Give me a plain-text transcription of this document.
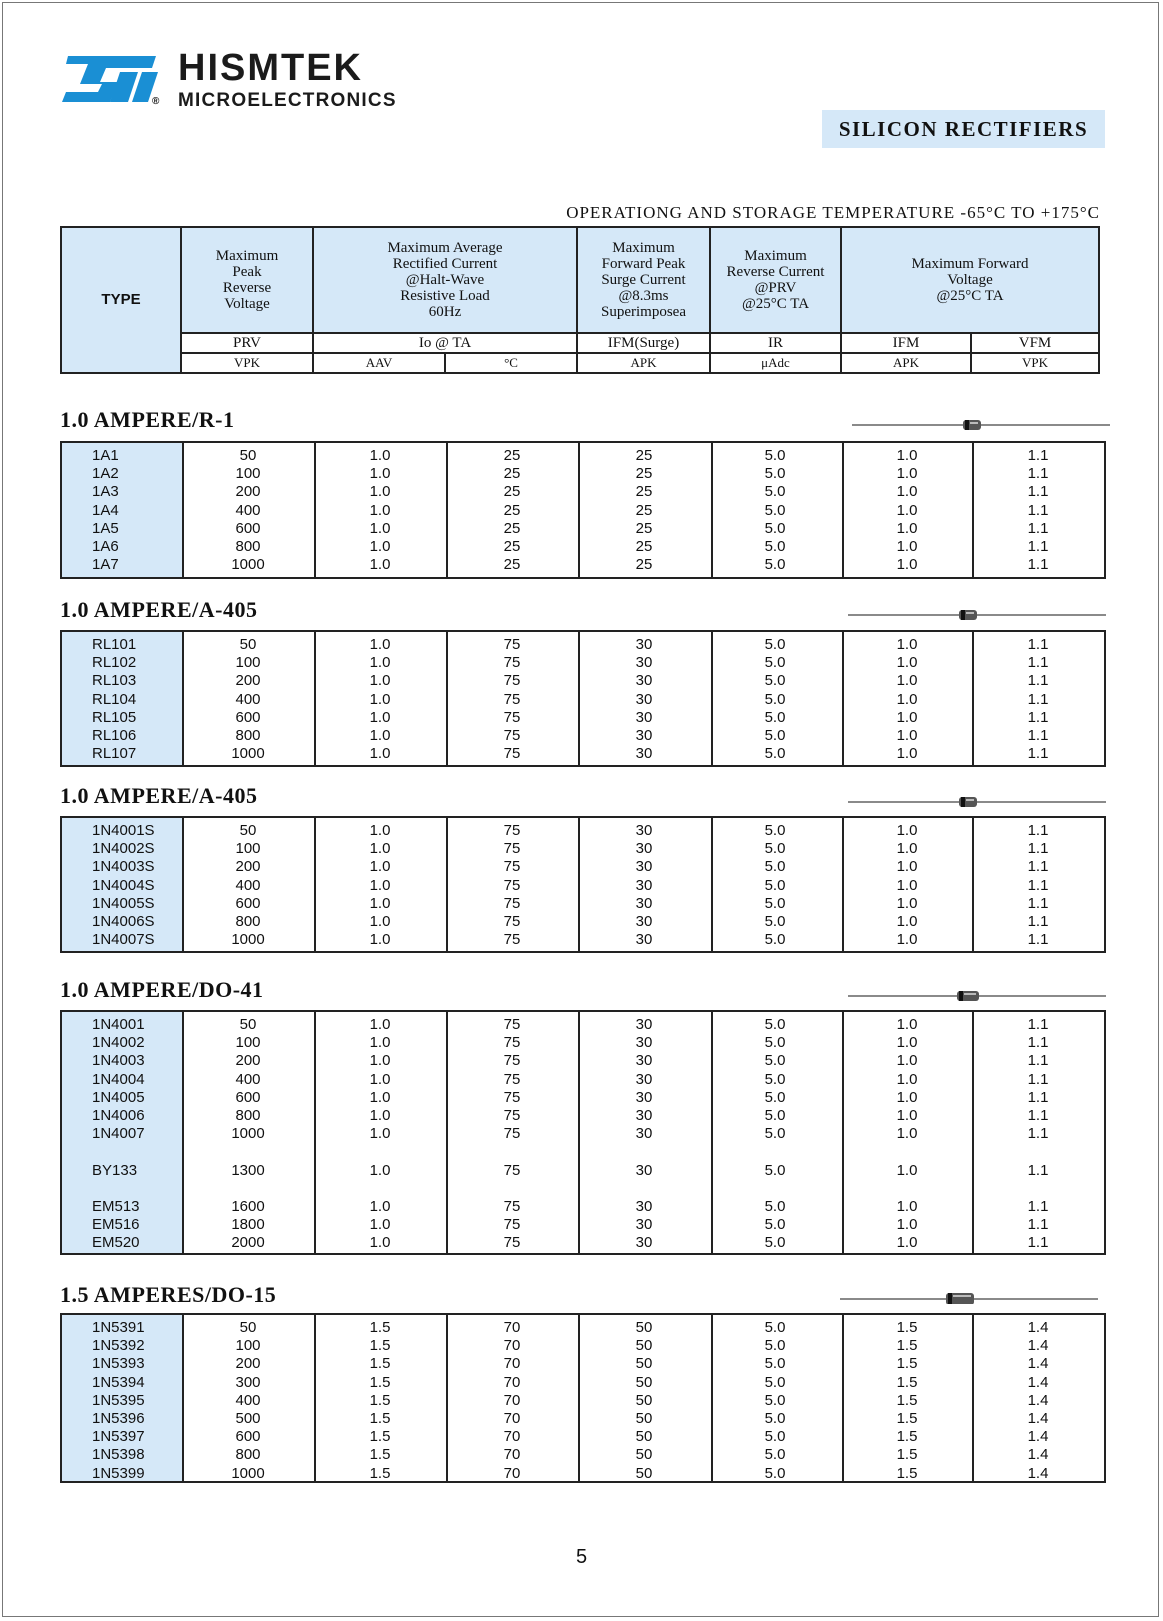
®
HISMTEK
MICROELECTRONICS
SILICON RECTIFIERS
OPERATIONG AND STORAGE TEMPERATURE -65°C TO +175°C
TYPE
Maximum
Peak
Reverse
Voltage
Maximum Average
Rectified Current
@Halt-Wave
Resistive Load
60Hz
Maximum
Forward Peak
Surge Current
@8.3ms
Superimposea
Maximum
Reverse Current
@PRV
@25°C TA
Maximum Forward
Voltage
@25°C TA
PRV	Io @ TA	IFM(Surge)	IR	IFM	VFM
VPK	AAV	°C	APK	μAdc	APK	VPK
1.0 AMPERE/R-1
1A1	50	1.0	25	25	5.0	1.0	1.1
1A2	100	1.0	25	25	5.0	1.0	1.1
1A3	200	1.0	25	25	5.0	1.0	1.1
1A4	400	1.0	25	25	5.0	1.0	1.1
1A5	600	1.0	25	25	5.0	1.0	1.1
1A6	800	1.0	25	25	5.0	1.0	1.1
1A7	1000	1.0	25	25	5.0	1.0	1.1
1.0 AMPERE/A-405
RL101	50	1.0	75	30	5.0	1.0	1.1
RL102	100	1.0	75	30	5.0	1.0	1.1
RL103	200	1.0	75	30	5.0	1.0	1.1
RL104	400	1.0	75	30	5.0	1.0	1.1
RL105	600	1.0	75	30	5.0	1.0	1.1
RL106	800	1.0	75	30	5.0	1.0	1.1
RL107	1000	1.0	75	30	5.0	1.0	1.1
1.0 AMPERE/A-405
1N4001S	50	1.0	75	30	5.0	1.0	1.1
1N4002S	100	1.0	75	30	5.0	1.0	1.1
1N4003S	200	1.0	75	30	5.0	1.0	1.1
1N4004S	400	1.0	75	30	5.0	1.0	1.1
1N4005S	600	1.0	75	30	5.0	1.0	1.1
1N4006S	800	1.0	75	30	5.0	1.0	1.1
1N4007S	1000	1.0	75	30	5.0	1.0	1.1
1.0 AMPERE/DO-41
1N4001	50	1.0	75	30	5.0	1.0	1.1
1N4002	100	1.0	75	30	5.0	1.0	1.1
1N4003	200	1.0	75	30	5.0	1.0	1.1
1N4004	400	1.0	75	30	5.0	1.0	1.1
1N4005	600	1.0	75	30	5.0	1.0	1.1
1N4006	800	1.0	75	30	5.0	1.0	1.1
1N4007	1000	1.0	75	30	5.0	1.0	1.1
BY133	1300	1.0	75	30	5.0	1.0	1.1
EM513	1600	1.0	75	30	5.0	1.0	1.1
EM516	1800	1.0	75	30	5.0	1.0	1.1
EM520	2000	1.0	75	30	5.0	1.0	1.1
1.5 AMPERES/DO-15
1N5391	50	1.5	70	50	5.0	1.5	1.4
1N5392	100	1.5	70	50	5.0	1.5	1.4
1N5393	200	1.5	70	50	5.0	1.5	1.4
1N5394	300	1.5	70	50	5.0	1.5	1.4
1N5395	400	1.5	70	50	5.0	1.5	1.4
1N5396	500	1.5	70	50	5.0	1.5	1.4
1N5397	600	1.5	70	50	5.0	1.5	1.4
1N5398	800	1.5	70	50	5.0	1.5	1.4
1N5399	1000	1.5	70	50	5.0	1.5	1.4
5
